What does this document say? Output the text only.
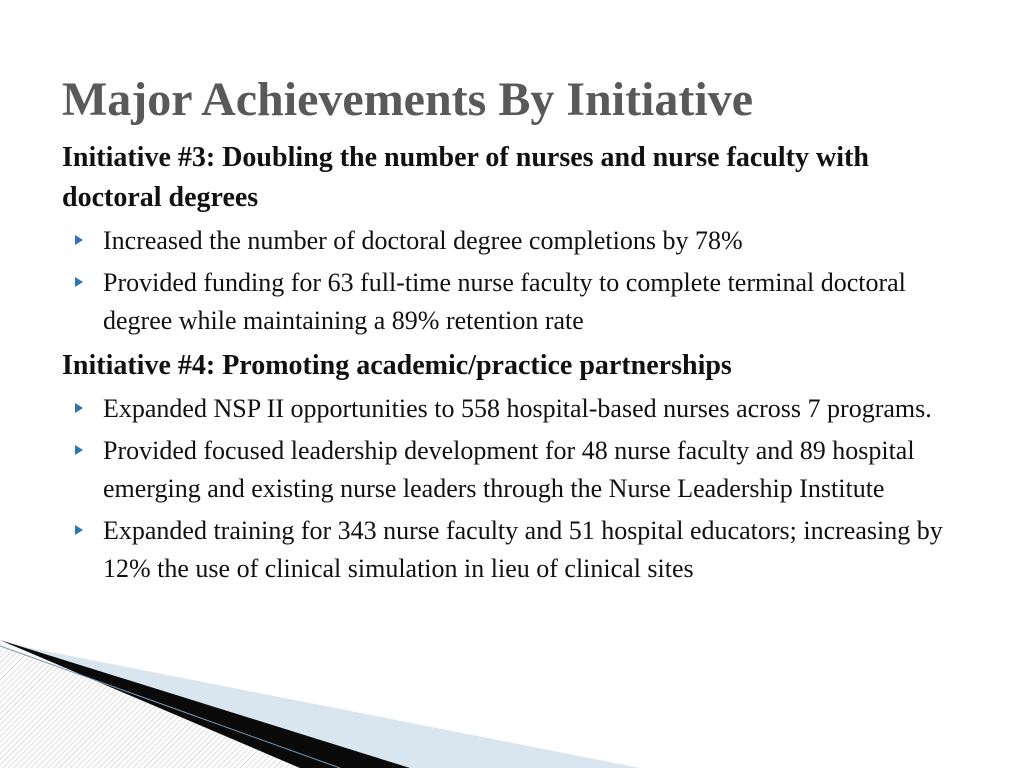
Major Achievements By Initiative
Initiative #3: Doubling the number of nurses and nurse faculty with doctoral degrees
Increased the number of doctoral degree completions by 78%
Provided funding for 63 full-time nurse faculty to complete terminal doctoral degree while maintaining a 89% retention rate
Initiative #4: Promoting academic/practice partnerships
Expanded NSP II opportunities to 558 hospital-based nurses across 7 programs.
Provided focused leadership development for 48 nurse faculty and 89 hospital emerging and existing nurse leaders through the Nurse Leadership Institute
Expanded training for 343 nurse faculty and 51 hospital educators; increasing by 12% the use of clinical simulation in lieu of clinical sites
